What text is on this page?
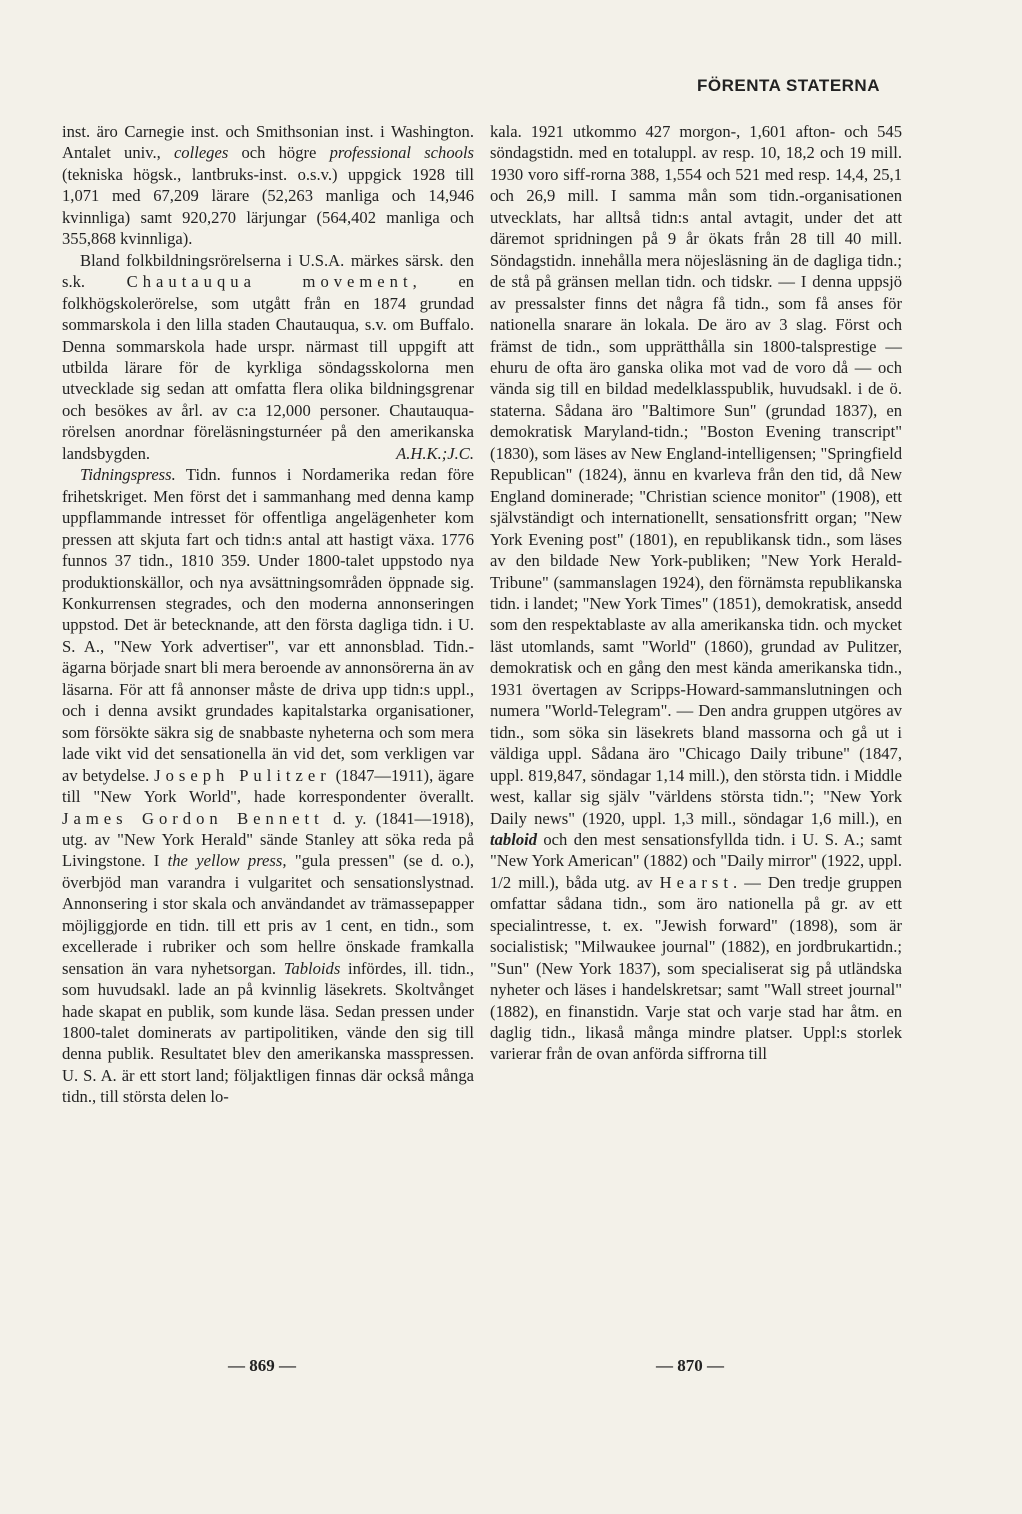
FÖRENTA STATERNA

inst. äro Carnegie inst. och Smithsonian inst. i Washington. Antalet univ., colleges och högre professional schools (tekniska högsk., lantbruks-inst. o.s.v.) uppgick 1928 till 1,071 med 67,209 lärare (52,263 manliga och 14,946 kvinnliga) samt 920,270 lärjungar (564,402 manliga och 355,868 kvinnliga).

Bland folkbildningsrörelserna i U.S.A. märkes särsk. den s.k. Chautauqua movement, en folkhögskolerörelse, som utgått från en 1874 grundad sommarskola i den lilla staden Chautauqua, s.v. om Buffalo. Denna sommarskola hade urspr. närmast till uppgift att utbilda lärare för de kyrkliga söndagsskolorna men utvecklade sig sedan att omfatta flera olika bildningsgrenar och besökes av årl. av c:a 12,000 personer. Chautauqua-rörelsen anordnar föreläsningsturnéer på den amerikanska landsbygden.	A.H.K.;J.C.

Tidningspress. Tidn. funnos i Nordamerika redan före frihetskriget. Men först det i sammanhang med denna kamp uppflammande intresset för offentliga angelägenheter kom pressen att skjuta fart och tidn:s antal att hastigt växa. 1776 funnos 37 tidn., 1810 359. Under 1800-talet uppstodo nya produktionskällor, och nya avsättningsområden öppnade sig. Konkurrensen stegrades, och den moderna annonseringen uppstod. Det är betecknande, att den första dagliga tidn. i U. S. A., "New York advertiser", var ett annonsblad. Tidn.-ägarna började snart bli mera beroende av annonsörerna än av läsarna. För att få annonser måste de driva upp tidn:s uppl., och i denna avsikt grundades kapitalstarka organisationer, som försökte säkra sig de snabbaste nyheterna och som mera lade vikt vid det sensationella än vid det, som verkligen var av betydelse. Joseph Pulitzer (1847—1911), ägare till "New York World", hade korrespondenter överallt. James Gordon Bennett d. y. (1841—1918), utg. av "New York Herald" sände Stanley att söka reda på Livingstone. I the yellow press, "gula pressen" (se d. o.), överbjöd man varandra i vulgaritet och sensationslystnad. Annonsering i stor skala och användandet av trämassepapper möjliggjorde en tidn. till ett pris av 1 cent, en tidn., som excellerade i rubriker och som hellre önskade framkalla sensation än vara nyhetsorgan. Tabloids infördes, ill. tidn., som huvudsakl. lade an på kvinnlig läsekrets. Skoltvånget hade skapat en publik, som kunde läsa. Sedan pressen under 1800-talet dominerats av partipolitiken, vände den sig till denna publik. Resultatet blev den amerikanska masspressen. U. S. A. är ett stort land; följaktligen finnas där också många tidn., till största delen lo-

kala. 1921 utkommo 427 morgon-, 1,601 afton- och 545 söndagstidn. med en totaluppl. av resp. 10, 18,2 och 19 mill. 1930 voro siff-rorna 388, 1,554 och 521 med resp. 14,4, 25,1 och 26,9 mill. I samma mån som tidn.-organisationen utvecklats, har alltså tidn:s antal avtagit, under det att däremot spridningen på 9 år ökats från 28 till 40 mill. Söndagstidn. innehålla mera nöjesläsning än de dagliga tidn.; de stå på gränsen mellan tidn. och tidskr. — I denna uppsjö av pressalster finns det några få tidn., som få anses för nationella snarare än lokala. De äro av 3 slag. Först och främst de tidn., som upprätthålla sin 1800-talsprestige — ehuru de ofta äro ganska olika mot vad de voro då — och vända sig till en bildad medelklasspublik, huvudsakl. i de ö. staterna. Sådana äro "Baltimore Sun" (grundad 1837), en demokratisk Maryland-tidn.; "Boston Evening transcript" (1830), som läses av New England-intelligensen; "Springfield Republican" (1824), ännu en kvarleva från den tid, då New England dominerade; "Christian science monitor" (1908), ett självständigt och internationellt, sensationsfritt organ; "New York Evening post" (1801), en republikansk tidn., som läses av den bildade New York-publiken; "New York Herald-Tribune" (sammanslagen 1924), den förnämsta republikanska tidn. i landet; "New York Times" (1851), demokratisk, ansedd som den respektablaste av alla amerikanska tidn. och mycket läst utomlands, samt "World" (1860), grundad av Pulitzer, demokratisk och en gång den mest kända amerikanska tidn., 1931 övertagen av Scripps-Howard-sammanslutningen och numera "World-Telegram". — Den andra gruppen utgöres av tidn., som söka sin läsekrets bland massorna och gå ut i väldiga uppl. Sådana äro "Chicago Daily tribune" (1847, uppl. 819,847, söndagar 1,14 mill.), den största tidn. i Middle west, kallar sig själv "världens största tidn."; "New York Daily news" (1920, uppl. 1,3 mill., söndagar 1,6 mill.), en tabloid och den mest sensationsfyllda tidn. i U. S. A.; samt "New York American" (1882) och "Daily mirror" (1922, uppl. 1/2 mill.), båda utg. av Hearst. — Den tredje gruppen omfattar sådana tidn., som äro nationella på gr. av ett specialintresse, t. ex. "Jewish forward" (1898), som är socialistisk; "Milwaukee journal" (1882), en jordbrukartidn.; "Sun" (New York 1837), som specialiserat sig på utländska nyheter och läses i handelskretsar; samt "Wall street journal" (1882), en finanstidn. Varje stat och varje stad har åtm. en daglig tidn., likaså många mindre platser. Uppl:s storlek varierar från de ovan anförda siffrorna till

— 869 —	— 870 —
